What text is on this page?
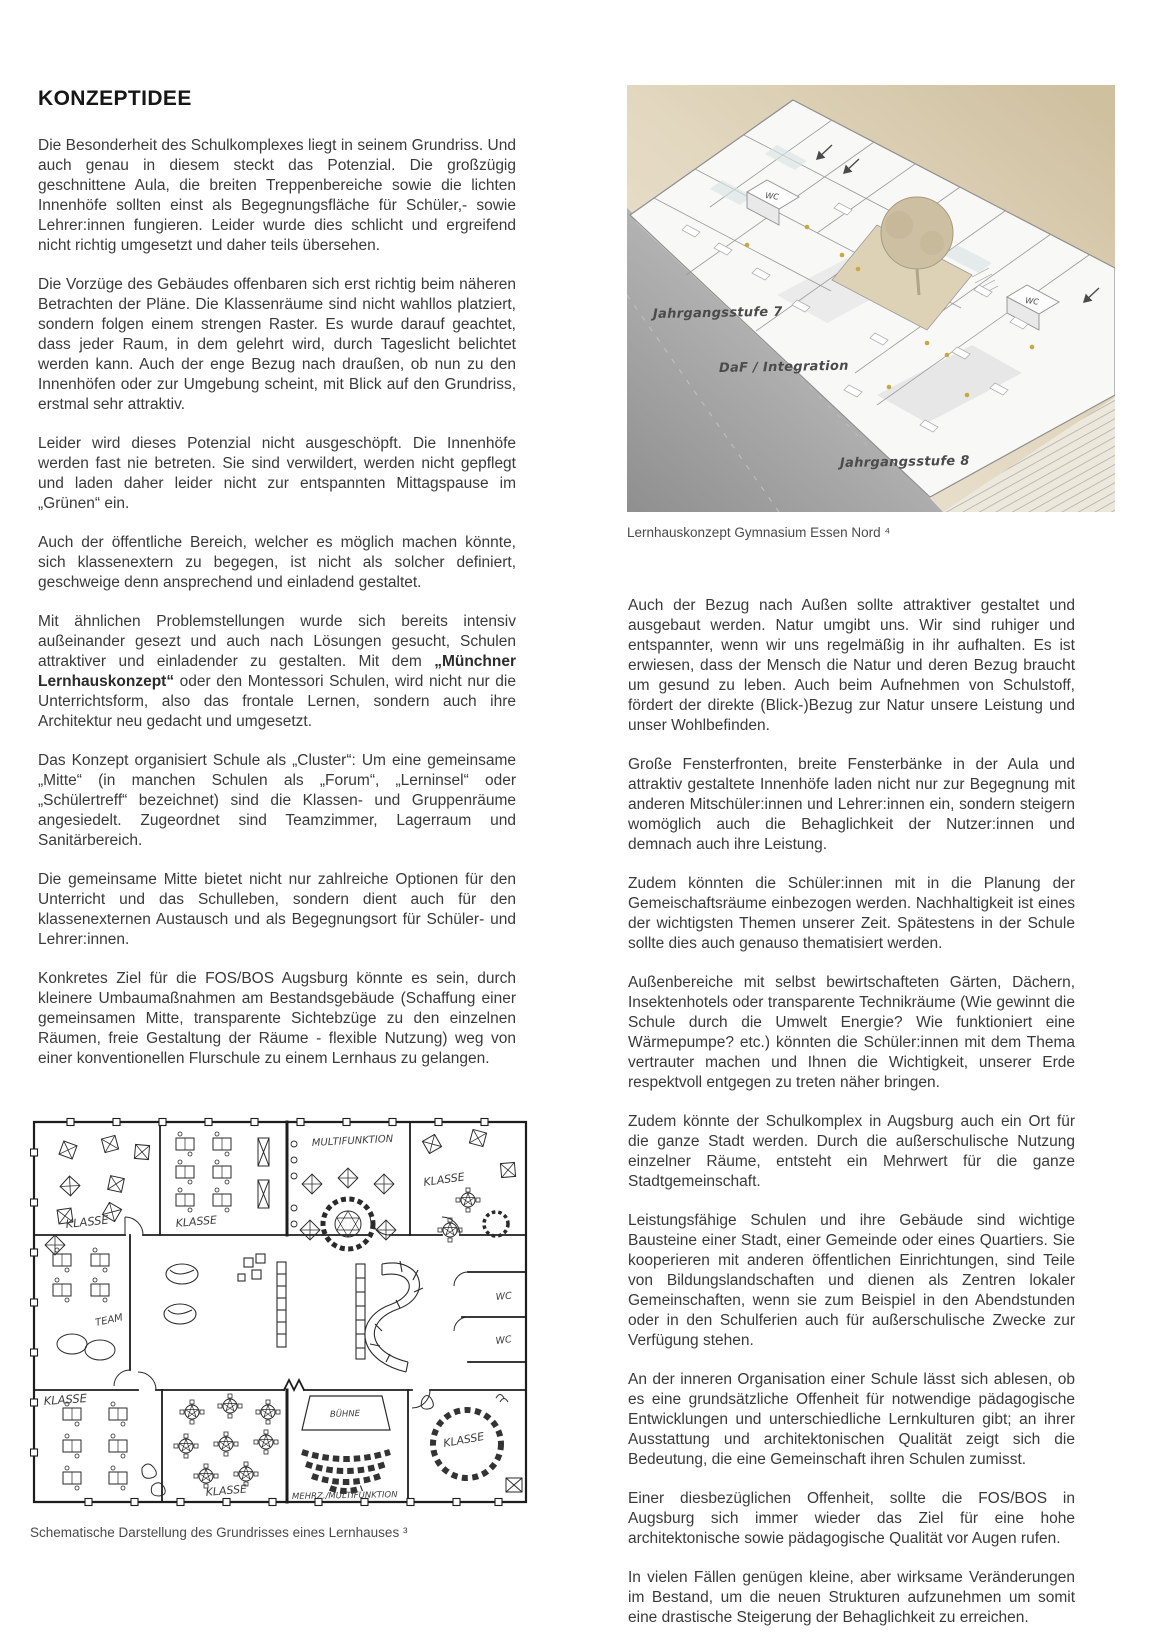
KONZEPTIDEE

Die Besonderheit des Schulkomplexes liegt in seinem Grundriss. Und auch genau in diesem steckt das Potenzial. Die großzügig geschnittene Aula, die breiten Treppenbereiche sowie die lichten Innenhöfe sollten einst als Begegnungsfläche für Schüler,- sowie Lehrer:innen fungieren. Leider wurde dies schlicht und ergreifend nicht richtig umgesetzt und daher teils übersehen.

Die Vorzüge des Gebäudes offenbaren sich erst richtig beim näheren Betrachten der Pläne. Die Klassenräume sind nicht wahllos platziert, sondern folgen einem strengen Raster. Es wurde darauf geachtet, dass jeder Raum, in dem gelehrt wird, durch Tageslicht belichtet werden kann. Auch der enge Bezug nach draußen, ob nun zu den Innenhöfen oder zur Umgebung scheint, mit Blick auf den Grundriss, erstmal sehr attraktiv.

Leider wird dieses Potenzial nicht ausgeschöpft. Die Innenhöfe werden fast nie betreten. Sie sind verwildert, werden nicht gepflegt und laden daher leider nicht zur entspannten Mittagspause im „Grünen“ ein.

Auch der öffentliche Bereich, welcher es möglich machen könnte, sich klassenextern zu begegen, ist nicht als solcher definiert, geschweige denn ansprechend und einladend gestaltet.

Mit ähnlichen Problemstellungen wurde sich bereits intensiv außeinander gesezt und auch nach Lösungen gesucht, Schulen attraktiver und einladender zu gestalten. Mit dem „Münchner Lernhauskonzept“ oder den Montessori Schulen, wird nicht nur die Unterrichtsform, also das frontale Lernen, sondern auch ihre Architektur neu gedacht und umgesetzt.

Das Konzept organisiert Schule als „Cluster“: Um eine gemeinsame „Mitte“ (in manchen Schulen als „Forum“, „Lerninsel“ oder „Schülertreff“ bezeichnet) sind die Klassen- und Gruppenräume angesiedelt. Zugeordnet sind Teamzimmer, Lagerraum und Sanitärbereich.

Die gemeinsame Mitte bietet nicht nur zahlreiche Optionen für den Unterricht und das Schulleben, sondern dient auch für den klassenexternen Austausch und als Begegnungsort für Schüler- und Lehrer:innen.

Konkretes Ziel für die FOS/BOS Augsburg könnte es sein, durch kleinere Umbaumaßnahmen am Bestandsgebäude (Schaffung einer gemeinsamen Mitte, transparente Sichtebzüge zu den einzelnen Räumen, freie Gestaltung der Räume - flexible Nutzung) weg von einer konventionellen Flurschule zu einem Lernhaus zu gelangen.

WC
WC
Jahrgangsstufe 7
DaF / Integration
Jahrgangsstufe 8
Lernhauskonzept Gymnasium Essen Nord ⁴
KLASSE	KLASSE
MULTIFUNKTION
KLASSE
TEAM
KLASSE
KLASSE
BÜHNE
MEHRZ./MULTIFUNKTION
KLASSE
WC
WC
Schematische Darstellung des Grundrisses eines Lernhauses ³

Auch der Bezug nach Außen sollte attraktiver gestaltet und ausgebaut werden. Natur umgibt uns. Wir sind ruhiger und entspannter, wenn wir uns regelmäßig in ihr aufhalten. Es ist erwiesen, dass der Mensch die Natur und deren Bezug braucht um gesund zu leben. Auch beim Aufnehmen von Schulstoff, fördert der direkte (Blick-)Bezug zur Natur unsere Leistung und unser Wohlbefinden.

Große Fensterfronten, breite Fensterbänke in der Aula und attraktiv gestaltete Innenhöfe laden nicht nur zur Begegnung mit anderen Mitschüler:innen und Lehrer:innen ein, sondern steigern womöglich auch die Behaglichkeit der Nutzer:innen und demnach auch ihre Leistung.

Zudem könnten die Schüler:innen mit in die Planung der Gemeischaftsräume einbezogen werden. Nachhaltigkeit ist eines der wichtigsten Themen unserer Zeit. Spätestens in der Schule sollte dies auch genauso thematisiert werden.

Außenbereiche mit selbst bewirtschafteten Gärten, Dächern, Insektenhotels oder transparente Technikräume (Wie gewinnt die Schule durch die Umwelt Energie? Wie funktioniert eine Wärmepumpe? etc.) könnten die Schüler:innen mit dem Thema vertrauter machen und Ihnen die Wichtigkeit, unserer Erde respektvoll entgegen zu treten näher bringen.

Zudem könnte der Schulkomplex in Augsburg auch ein Ort für die ganze Stadt werden. Durch die außerschulische Nutzung einzelner Räume, entsteht ein Mehrwert für die ganze Stadtgemeinschaft.

Leistungsfähige Schulen und ihre Gebäude sind wichtige Bausteine einer Stadt, einer Gemeinde oder eines Quartiers. Sie kooperieren mit anderen öffentlichen Einrichtungen, sind Teile von Bildungslandschaften und dienen als Zentren lokaler Gemeinschaften, wenn sie zum Beispiel in den Abendstunden oder in den Schulferien auch für außerschulische Zwecke zur Verfügung stehen.

An der inneren Organisation einer Schule lässt sich ablesen, ob es eine grundsätzliche Offenheit für notwendige pädagogische Entwicklungen und unterschiedliche Lernkulturen gibt; an ihrer Ausstattung und architektonischen Qualität zeigt sich die Bedeutung, die eine Gemeinschaft ihren Schulen zumisst.

Einer diesbezüglichen Offenheit, sollte die FOS/BOS in Augsburg sich immer wieder das Ziel für eine hohe architektonische sowie pädagogische Qualität vor Augen rufen.

In vielen Fällen genügen kleine, aber wirksame Veränderungen im Bestand, um die neuen Strukturen aufzunehmen um somit eine drastische Steigerung der Behaglichkeit zu erreichen.
